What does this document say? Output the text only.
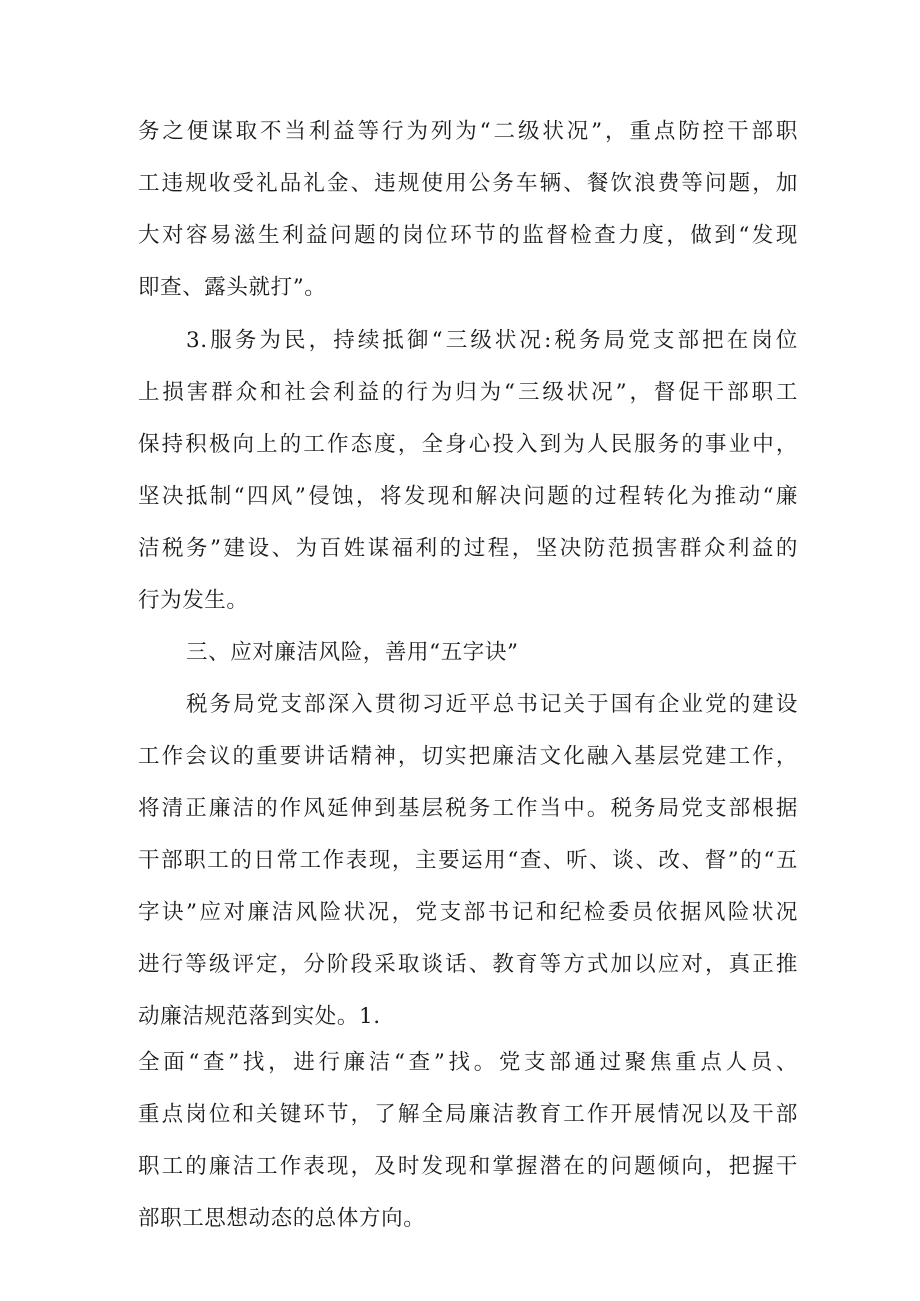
务之便谋取不当利益等行为列为“二级状况”，重点防控干部职
工违规收受礼品礼金、违规使用公务车辆、餐饮浪费等问题，加
大对容易滋生利益问题的岗位环节的监督检查力度，做到“发现
即查、露头就打”。
3.服务为民，持续抵御“三级状况:税务局党支部把在岗位
上损害群众和社会利益的行为归为“三级状况”，督促干部职工
保持积极向上的工作态度，全身心投入到为人民服务的事业中，
坚决抵制“四风”侵蚀，将发现和解决问题的过程转化为推动“廉
洁税务”建设、为百姓谋福利的过程，坚决防范损害群众利益的
行为发生。
三、应对廉洁风险，善用“五字诀”
税务局党支部深入贯彻习近平总书记关于国有企业党的建设
工作会议的重要讲话精神，切实把廉洁文化融入基层党建工作，
将清正廉洁的作风延伸到基层税务工作当中。税务局党支部根据
干部职工的日常工作表现，主要运用“查、听、谈、改、督”的“五
字诀”应对廉洁风险状况，党支部书记和纪检委员依据风险状况
进行等级评定，分阶段采取谈话、教育等方式加以应对，真正推
动廉洁规范落到实处。1.
全面“查”找，进行廉洁“查”找。党支部通过聚焦重点人员、
重点岗位和关键环节，了解全局廉洁教育工作开展情况以及干部
职工的廉洁工作表现，及时发现和掌握潜在的问题倾向，把握干
部职工思想动态的总体方向。
